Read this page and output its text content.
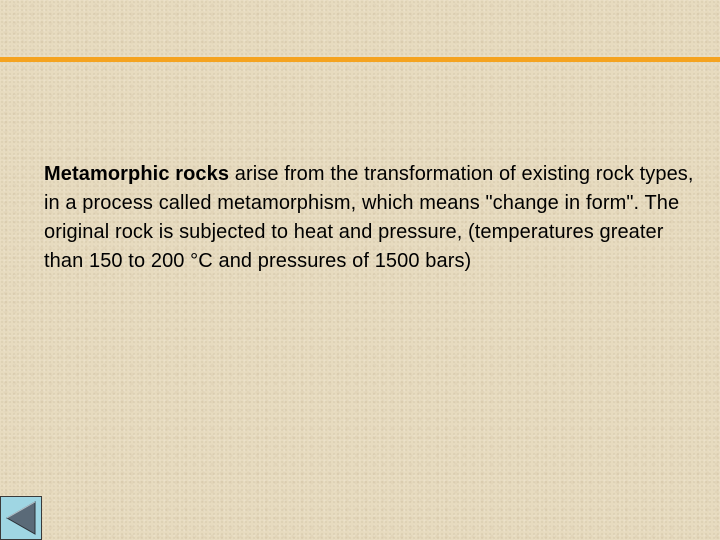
Metamorphic rocks arise from the transformation of existing rock types, in a process called metamorphism, which means "change in form". The original rock is subjected to heat and pressure, (temperatures greater than 150 to 200 °C and pressures of 1500 bars)
